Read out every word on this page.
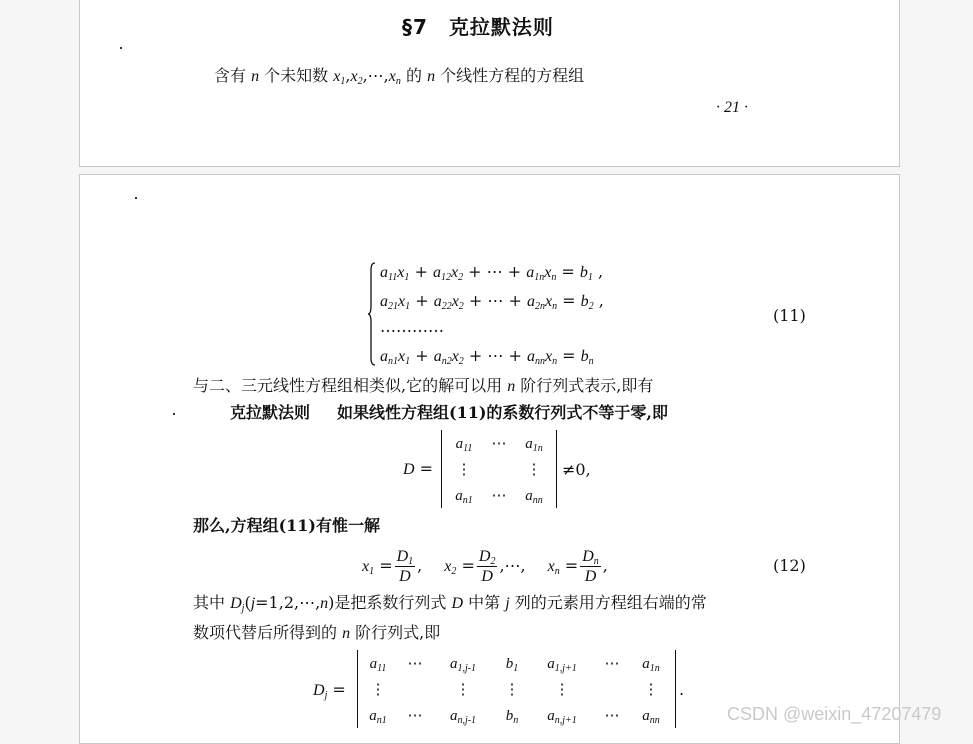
§7　克拉默法则
含有 n 个未知数 $x_1,x_2,\cdots,x_n$ 的 n 个线性方程的方程组
· 21 ·
$a_{11}x_1 + a_{12}x_2$ + ⋯ + $a_{1n}x_n = b_1$ ,
$a_{21}x_1 + a_{22}x_2$ + ⋯ + $a_{2n}x_n = b_2$ ,
…………
$a_{n1}x_1 + a_{n2}x_2$ + ⋯ + $a_{nn}x_n = b_n$
(11)
与二、三元线性方程组相类似,它的解可以用 n 阶行列式表示,即有
克拉默法则 如果线性方程组(11)的系数行列式不等于零,即
D =
$a_{11}$ ⋯ $a_{1n}$
⋮	⋮
$a_{n1}$ ⋯ $a_{nn}$
≠0,
那么,方程组(11)有惟一解
$x_1 = \frac{D_1}{D}$ , $x_2 = \frac{D_2}{D}$ ,⋯, $x_n = \frac{D_n}{D}$ ,	(12)
其中 $D_j(j=1,2,\cdots,n)$是把系数行列式 D 中第 j 列的元素用方程组右端的常
数项代替后所得到的 n 阶行列式,即
$D_j$ =
$a_{11}$ ⋯ $a_{1,j-1}$ $b_1$ $a_{1,j+1}$ ⋯ $a_{1n}$
⋮	⋮ ⋮ ⋮	⋮
$a_{n1}$ ⋯ $a_{n,j-1}$ $b_n$ $a_{n,j+1}$ ⋯ $a_{nn}$
.
CSDN @weixin_47207479
